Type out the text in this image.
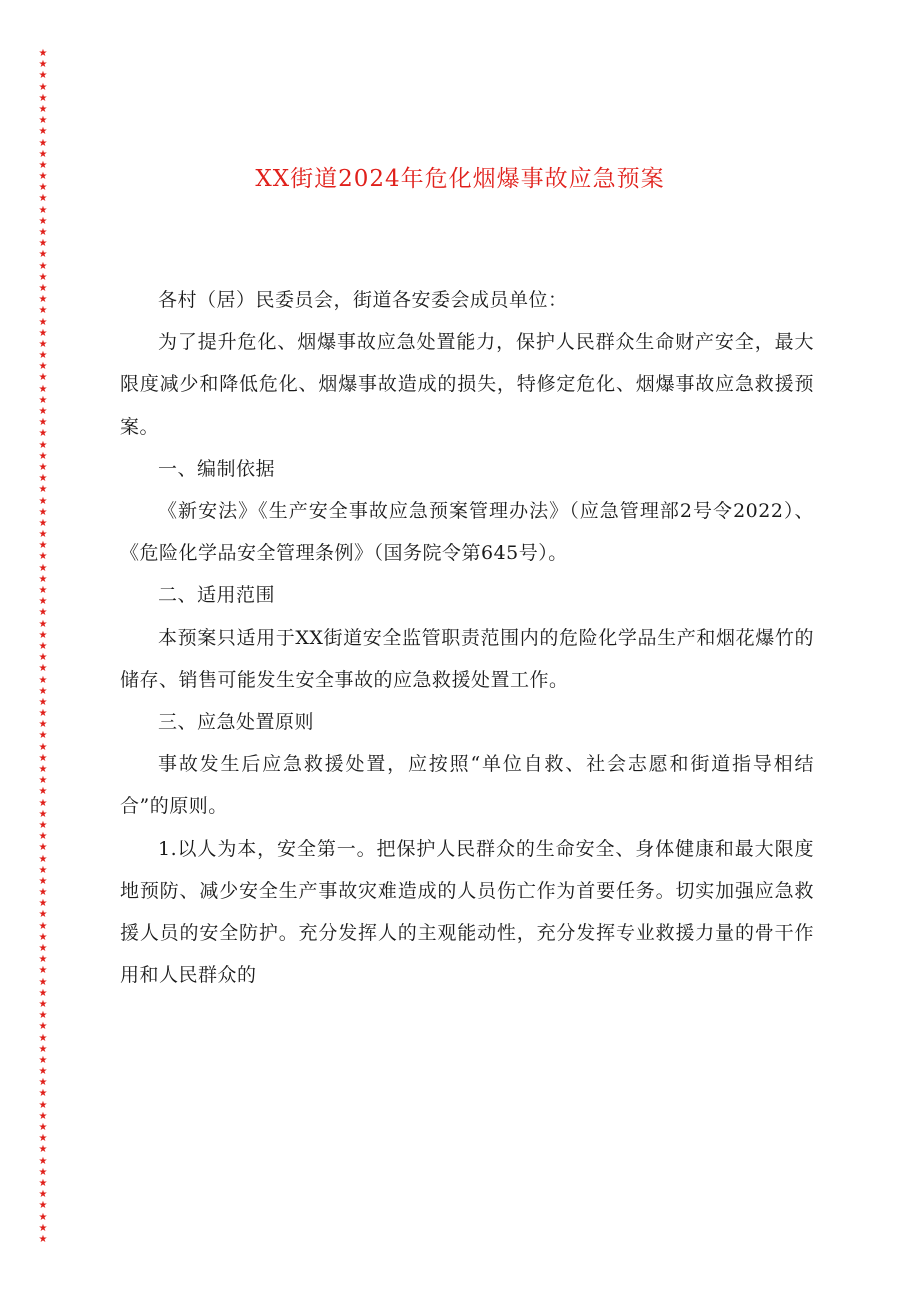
★
★
★
★
★
★
★
★
★
★
★
★
★
★
★
★
★
★
★
★
★
★
★
★
★
★
★
★
★
★
★
★
★
★
★
★
★
★
★
★
★
★
★
★
★
★
★
★
★
★
★
★
★
★
★
★
★
★
★
★
★
★
★
★
★
★
★
★
★
★
★
★
★
★
★
★
★
★
★
★
★
★
★
★
★
★
★
★
★
★
★
★
★
★
★
★
★
★
★
★
★
★
★
★
★
★
★
XX街道2024年危化烟爆事故应急预案

各村（居）民委员会，街道各安委会成员单位：

为了提升危化、烟爆事故应急处置能力，保护人民群众生命财产安全，最大限度减少和降低危化、烟爆事故造成的损失，特修定危化、烟爆事故应急救援预案。

一、编制依据

《新安法》《生产安全事故应急预案管理办法》（应急管理部2号令2022）、《危险化学品安全管理条例》（国务院令第645号）。

二、适用范围

本预案只适用于XX街道安全监管职责范围内的危险化学品生产和烟花爆竹的储存、销售可能发生安全事故的应急救援处置工作。

三、应急处置原则

事故发生后应急救援处置，应按照“单位自救、社会志愿和街道指导相结合”的原则。

1.以人为本，安全第一。把保护人民群众的生命安全、身体健康和最大限度地预防、减少安全生产事故灾难造成的人员伤亡作为首要任务。切实加强应急救援人员的安全防护。充分发挥人的主观能动性，充分发挥专业救援力量的骨干作用和人民群众的
